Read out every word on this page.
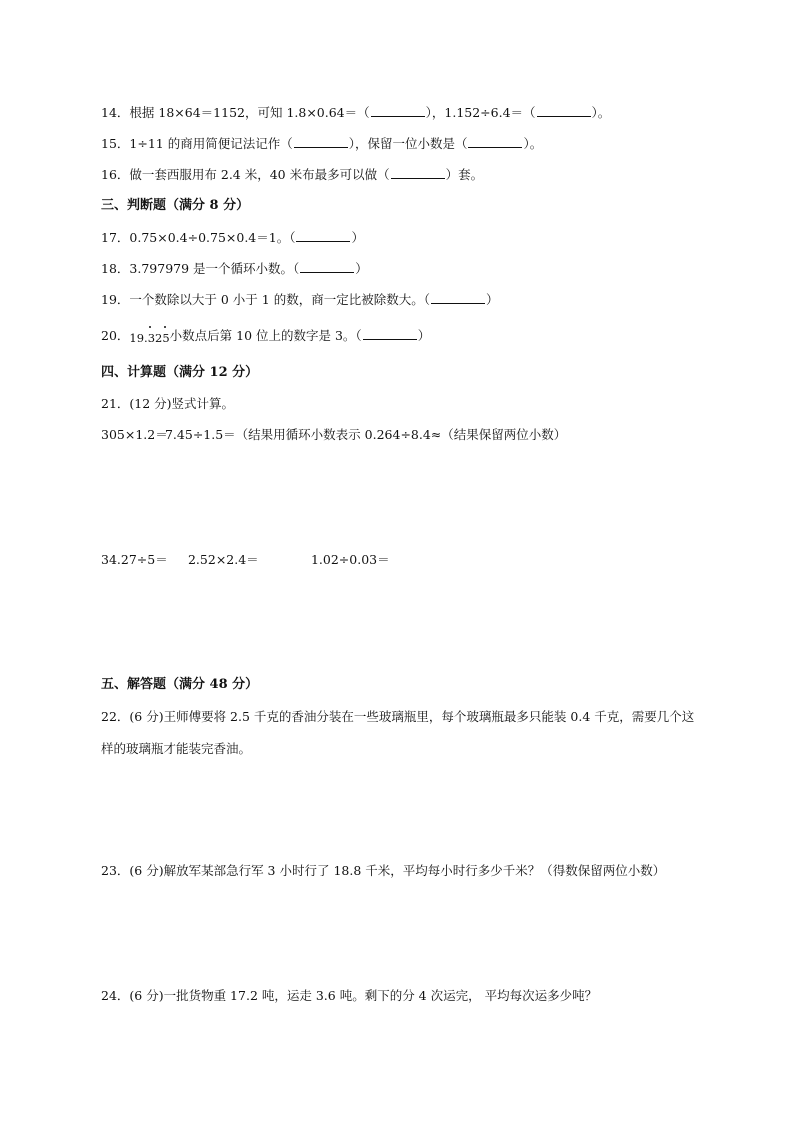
14．根据 18×64＝1152，可知 1.8×0.64＝（	），1.152÷6.4＝（	）。
15．1÷11 的商用简便记法记作（	），保留一位小数是（	）。
16．做一套西服用布 2.4 米，40 米布最多可以做（	）套。
三、判断题（满分 8 分）
17．0.75×0.4÷0.75×0.4＝1。（	）
18．3.797979 是一个循环小数。（	）
19．一个数除以大于 0 小于 1 的数，商一定比被除数大。（	）
20．19.325
小数点后第 10 位上的数字是 3。（	）
四、计算题（满分 12 分）
21．(12 分)竖式计算。
305×1.2＝ 7.45÷1.5＝（结果用循环小数表示 0.264÷8.4≈（结果保留两位小数）
34.27÷5＝ 2.52×2.4＝	1.02÷0.03＝
五、解答题（满分 48 分）
22．(6 分)王师傅要将 2.5 千克的香油分装在一些玻璃瓶里，每个玻璃瓶最多只能装 0.4 千克，需要几个这
样的玻璃瓶才能装完香油。
23．(6 分)解放军某部急行军 3 小时行了 18.8 千米，平均每小时行多少千米？（得数保留两位小数）
24．(6 分)一批货物重 17.2 吨，运走 3.6 吨。剩下的分 4 次运完， 平均每次运多少吨？
